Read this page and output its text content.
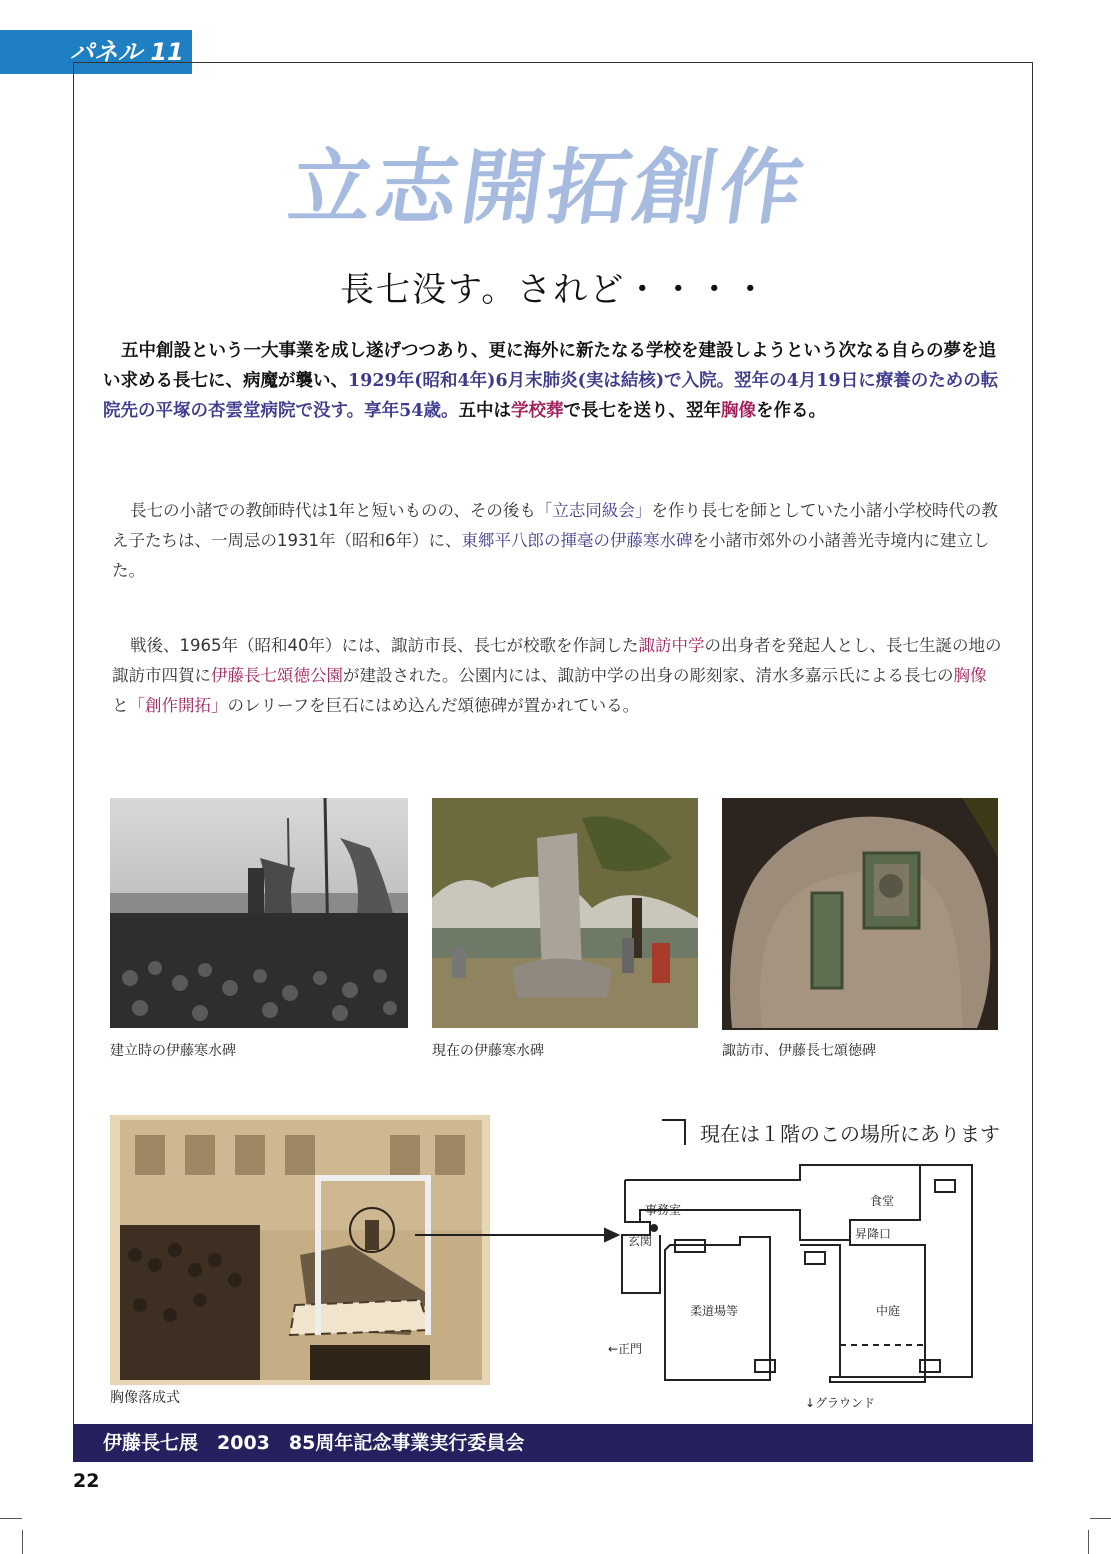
パネル 11
立志開拓創作
長七没す。されど・・・・
五中創設という一大事業を成し遂げつつあり、更に海外に新たなる学校を建設しようという次なる自らの夢を追い求める長七に、病魔が襲い、1929年(昭和4年)6月末肺炎(実は結核)で入院。翌年の4月19日に療養のための転院先の平塚の杏雲堂病院で没す。享年54歳。五中は学校葬で長七を送り、翌年胸像を作る。
長七の小諸での教師時代は1年と短いものの、その後も「立志同級会」を作り長七を師としていた小諸小学校時代の教え子たちは、一周忌の1931年（昭和6年）に、東郷平八郎の揮毫の伊藤寒水碑を小諸市郊外の小諸善光寺境内に建立した。
戦後、1965年（昭和40年）には、諏訪市長、長七が校歌を作詞した諏訪中学の出身者を発起人とし、長七生誕の地の諏訪市四賀に伊藤長七頌徳公園が建設された。公園内には、諏訪中学の出身の彫刻家、清水多嘉示氏による長七の胸像と「創作開拓」のレリーフを巨石にはめ込んだ頌徳碑が置かれている。
建立時の伊藤寒水碑	現在の伊藤寒水碑	諏訪市、伊藤長七頌徳碑
胸像落成式
現在は１階のこの場所にあります
事務室
食堂
玄関	昇降口
柔道場等	中庭
←正門
↓グラウンド
伊藤長七展　2003　85周年記念事業実行委員会
22
